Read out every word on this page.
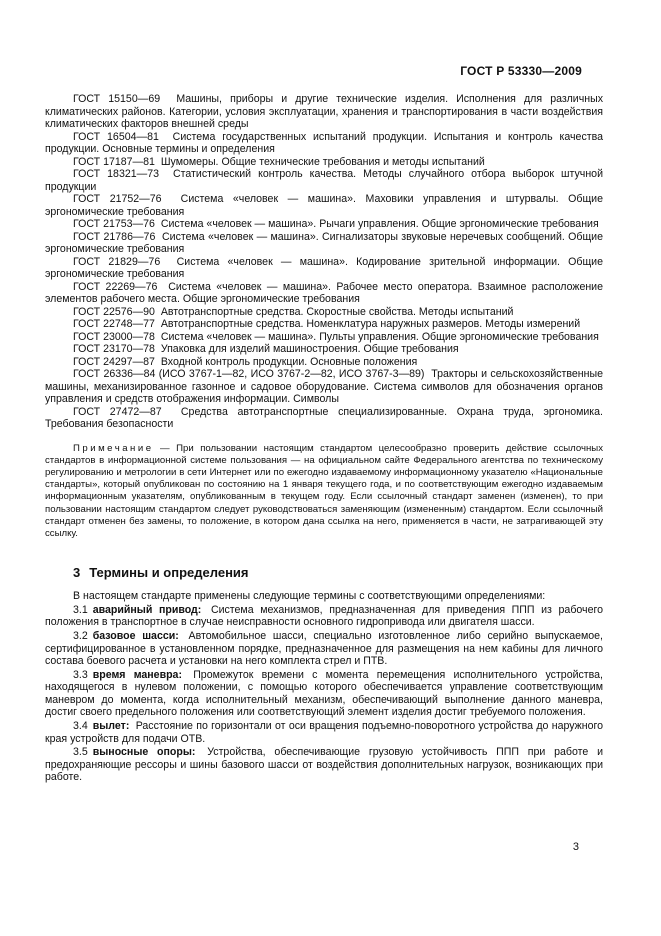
ГОСТ Р 53330—2009

ГОСТ 15150—69  Машины, приборы и другие технические изделия. Исполнения для различных климатических районов. Категории, условия эксплуатации, хранения и транспортирования в части воздействия климатических факторов внешней среды

ГОСТ 16504—81  Система государственных испытаний продукции. Испытания и контроль качества продукции. Основные термины и определения

ГОСТ 17187—81  Шумомеры. Общие технические требования и методы испытаний

ГОСТ 18321—73  Статистический контроль качества. Методы случайного отбора выборок штучной продукции

ГОСТ 21752—76  Система «человек — машина». Маховики управления и штурвалы. Общие эргономические требования

ГОСТ 21753—76  Система «человек — машина». Рычаги управления. Общие эргономические требования

ГОСТ 21786—76  Система «человек — машина». Сигнализаторы звуковые неречевых сообщений. Общие эргономические требования

ГОСТ 21829—76  Система «человек — машина». Кодирование зрительной информации. Общие эргономические требования

ГОСТ 22269—76  Система «человек — машина». Рабочее место оператора. Взаимное расположение элементов рабочего места. Общие эргономические требования

ГОСТ 22576—90  Автотранспортные средства. Скоростные свойства. Методы испытаний

ГОСТ 22748—77  Автотранспортные средства. Номенклатура наружных размеров. Методы измерений

ГОСТ 23000—78  Система «человек — машина». Пульты управления. Общие эргономические требования

ГОСТ 23170—78  Упаковка для изделий машиностроения. Общие требования

ГОСТ 24297—87  Входной контроль продукции. Основные положения

ГОСТ 26336—84 (ИСО 3767-1—82, ИСО 3767-2—82, ИСО 3767-3—89)  Тракторы и сельскохозяйственные машины, механизированное газонное и садовое оборудование. Система символов для обозначения органов управления и средств отображения информации. Символы

ГОСТ 27472—87  Средства автотранспортные специализированные. Охрана труда, эргономика. Требования безопасности

Примечание — При пользовании настоящим стандартом целесообразно проверить действие ссылочных стандартов в информационной системе пользования — на официальном сайте Федерального агентства по техническому регулированию и метрологии в сети Интернет или по ежегодно издаваемому информационному указателю «Национальные стандарты», который опубликован по состоянию на 1 января текущего года, и по соответствующим ежегодно издаваемым информационным указателям, опубликованным в текущем году. Если ссылочный стандарт заменен (изменен), то при пользовании настоящим стандартом следует руководствоваться заменяющим (измененным) стандартом. Если ссылочный стандарт отменен без замены, то положение, в котором дана ссылка на него, применяется в части, не затрагивающей эту ссылку.
3 Термины и определения

В настоящем стандарте применены следующие термины с соответствующими определениями:

3.1 аварийный привод: Система механизмов, предназначенная для приведения ППП из рабочего положения в транспортное в случае неисправности основного гидропривода или двигателя шасси.

3.2 базовое шасси: Автомобильное шасси, специально изготовленное либо серийно выпускаемое, сертифицированное в установленном порядке, предназначенное для размещения на нем кабины для личного состава боевого расчета и установки на него комплекта стрел и ПТВ.

3.3 время маневра: Промежуток времени с момента перемещения исполнительного устройства, находящегося в нулевом положении, с помощью которого обеспечивается управление соответствующим маневром до момента, когда исполнительный механизм, обеспечивающий выполнение данного маневра, достиг своего предельного положения или соответствующий элемент изделия достиг требуемого положения.

3.4 вылет: Расстояние по горизонтали от оси вращения подъемно-поворотного устройства до наружного края устройств для подачи ОТВ.

3.5 выносные опоры: Устройства, обеспечивающие грузовую устойчивость ППП при работе и предохраняющие рессоры и шины базового шасси от воздействия дополнительных нагрузок, возникающих при работе.

3
